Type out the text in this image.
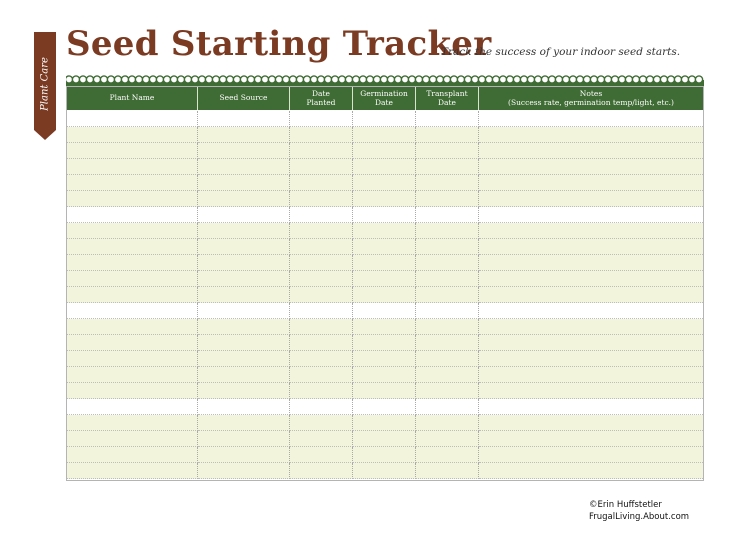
Plant Care
Seed Starting Tracker
Track the success of your indoor seed starts.
Plant Name	Seed Source	Date Planted
Germination Date
Transplant Date
Notes
(Success rate, germination temp/light, etc.)
©Erin Huffstetler
FrugalLiving.About.com
